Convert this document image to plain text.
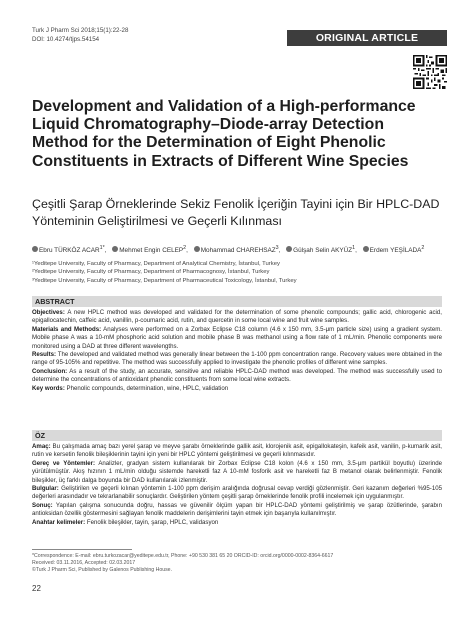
Turk J Pharm Sci 2018;15(1):22-28
DOI: 10.4274/tjps.54154	ORIGINAL ARTICLE
Development and Validation of a High-performance Liquid Chromatography–Diode-array Detection Method for the Determination of Eight Phenolic Constituents in Extracts of Different Wine Species
Çeşitli Şarap Örneklerinde Sekiz Fenolik İçeriğin Tayini için Bir HPLC-DAD Yönteminin Geliştirilmesi ve Geçerli Kılınması
Ebru TÜRKÖZ $ACAR^{1*}$, Mehmet Engin CELEP$^2$, Mohammad CHAREHSAZ$^3$, Gülşah Selin AKYÜZ$^1$, Erdem YEŞİLADA$^2$
¹Yeditepe University, Faculty of Pharmacy, Department of Analytical Chemistry, İstanbul, Turkey
²Yeditepe University, Faculty of Pharmacy, Department of Pharmacognosy, İstanbul, Turkey
³Yeditepe University, Faculty of Pharmacy, Department of Pharmaceutical Toxicology, İstanbul, Turkey
ABSTRACT

Objectives: A new HPLC method was developed and validated for the determination of some phenolic compounds; gallic acid, chlorogenic acid, epigallocatechin, caffeic acid, vanillin, p-coumaric acid, rutin, and quercetin in some local wine and fruit wine samples.

Materials and Methods: Analyses were performed on a Zorbax Eclipse C18 column (4.6 x 150 mm, 3.5-μm particle size) using a gradient system. Mobile phase A was a 10-mM phosphoric acid solution and mobile phase B was methanol using a flow rate of 1 mL/min. Phenolic components were monitored using a DAD at three different wavelengths.

Results: The developed and validated method was generally linear between the 1-100 ppm concentration range. Recovery values were obtained in the range of 95-105% and repetitive. The method was successfully applied to investigate the phenolic profiles of different wine samples.

Conclusion: As a result of the study, an accurate, sensitive and reliable HPLC-DAD method was developed. The method was successfully used to determine the concentrations of antioxidant phenolic constituents from some local wine extracts.

Key words: Phenolic compounds, determination, wine, HPLC, validation

ÖZ

Amaç: Bu çalışmada amaç bazı yerel şarap ve meyve şarabı örneklerinde gallik asit, klorojenik asit, epigallokateşin, kafeik asit, vanilin, p-kumarik asit, rutin ve kersetin fenolik bileşiklerinin tayini için yeni bir HPLC yöntemi geliştirilmesi ve geçerli kılınmasıdır.

Gereç ve Yöntemler: Analizler, gradyan sistem kullanılarak bir Zorbax Eclipse C18 kolon (4.6 x 150 mm, 3.5-μm partikül boyutlu) üzerinde yürütülmüştür. Akış hızının 1 mL/min olduğu sistemde hareketli faz A 10-mM fosforik asit ve hareketli faz B metanol olarak belirlenmiştir. Fenolik bileşikler, üç farklı dalga boyunda bir DAD kullanılarak izlenmiştir.

Bulgular: Geliştirilen ve geçerli kılınan yöntemin 1-100 ppm derişim aralığında doğrusal cevap verdiği gözlenmiştir. Geri kazanım değerleri %95-105 değerleri arasındadır ve tekrarlanabilir sonuçlardır. Geliştirilen yöntem çeşitli şarap örneklerinde fenolik profili incelemek için uygulanmıştır.

Sonuç: Yapılan çalışma sonucunda doğru, hassas ve güvenilir ölçüm yapan bir HPLC-DAD yöntemi geliştirilmiş ve şarap özütlerinde, şarabın antioksidan özellik göstermesini sağlayan fenolik maddelerin derişimlerini tayin etmek için başarıyla kullanılmıştır.

Anahtar kelimeler: Fenolik bileşikler, tayin, şarap, HPLC, validasyon

*Correspondence: E-mail: ebru.turkozacar@yeditepe.edu.tr, Phone: +90 530 381 65 20 ORCID-ID: orcid.org/0000-0002-8364-6617
Received: 03.11.2016, Accepted: 02.03.2017
©Turk J Pharm Sci, Published by Galenos Publishing House.
22
